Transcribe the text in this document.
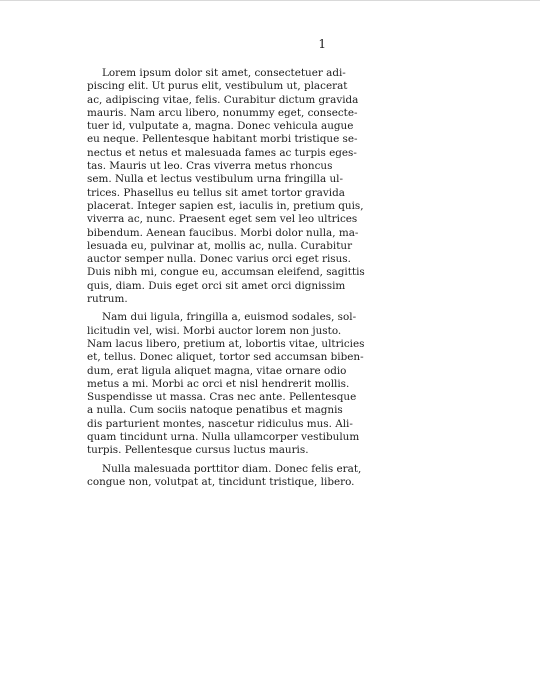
1
Lorem ipsum dolor sit amet, consectetuer adi-
piscing elit. Ut purus elit, vestibulum ut, placerat
ac, adipiscing vitae, felis. Curabitur dictum gravida
mauris. Nam arcu libero, nonummy eget, consecte-
tuer id, vulputate a, magna. Donec vehicula augue
eu neque. Pellentesque habitant morbi tristique se-
nectus et netus et malesuada fames ac turpis eges-
tas. Mauris ut leo. Cras viverra metus rhoncus
sem. Nulla et lectus vestibulum urna fringilla ul-
trices. Phasellus eu tellus sit amet tortor gravida
placerat. Integer sapien est, iaculis in, pretium quis,
viverra ac, nunc. Praesent eget sem vel leo ultrices
bibendum. Aenean faucibus. Morbi dolor nulla, ma-
lesuada eu, pulvinar at, mollis ac, nulla. Curabitur
auctor semper nulla. Donec varius orci eget risus.
Duis nibh mi, congue eu, accumsan eleifend, sagittis
quis, diam. Duis eget orci sit amet orci dignissim
rutrum.
Nam dui ligula, fringilla a, euismod sodales, sol-
licitudin vel, wisi. Morbi auctor lorem non justo.
Nam lacus libero, pretium at, lobortis vitae, ultricies
et, tellus. Donec aliquet, tortor sed accumsan biben-
dum, erat ligula aliquet magna, vitae ornare odio
metus a mi. Morbi ac orci et nisl hendrerit mollis.
Suspendisse ut massa. Cras nec ante. Pellentesque
a nulla. Cum sociis natoque penatibus et magnis
dis parturient montes, nascetur ridiculus mus. Ali-
quam tincidunt urna. Nulla ullamcorper vestibulum
turpis. Pellentesque cursus luctus mauris.
Nulla malesuada porttitor diam. Donec felis erat,
congue non, volutpat at, tincidunt tristique, libero.
